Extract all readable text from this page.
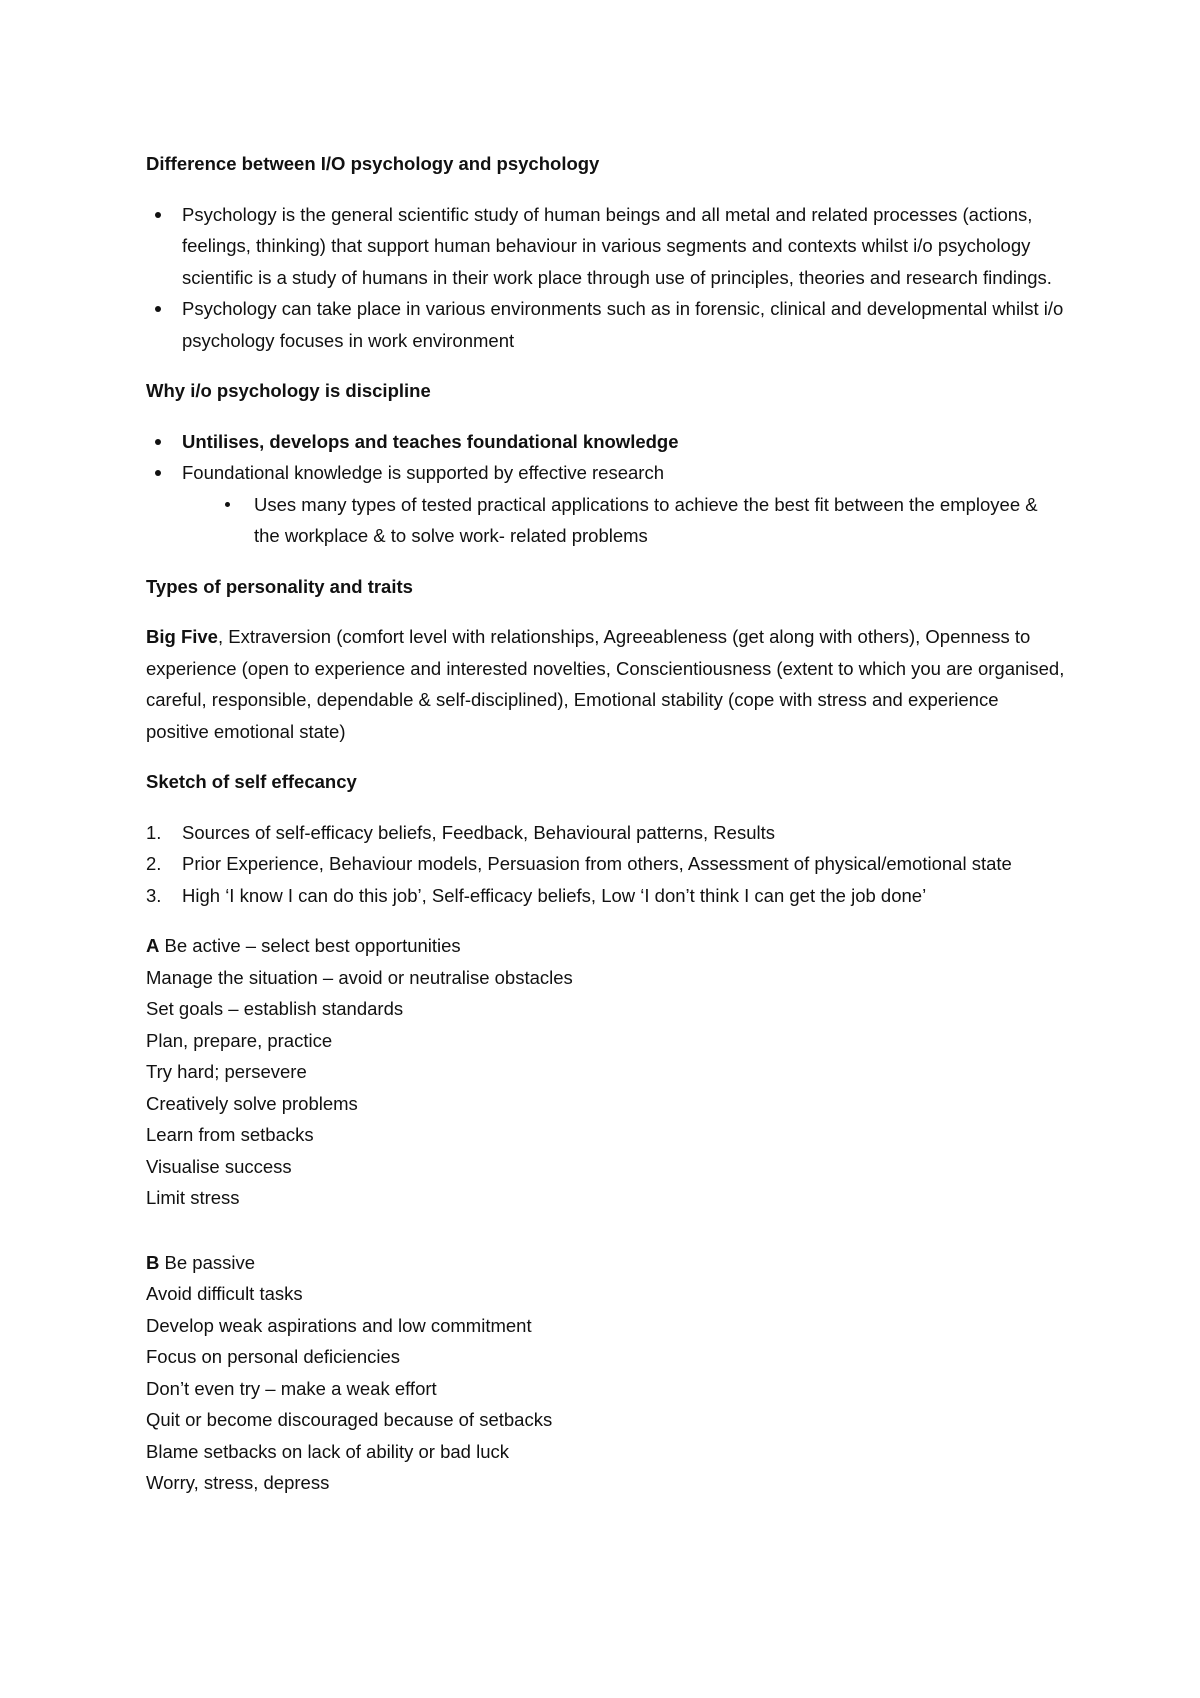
Difference between I/O psychology and psychology

Psychology is the general scientific study of human beings and all metal and related processes (actions, feelings, thinking) that support human behaviour in various segments and contexts whilst i/o psychology scientific is a study of humans in their work place through use of principles, theories and research findings.
Psychology can take place in various environments such as in forensic, clinical and developmental whilst i/o psychology focuses in work environment

Why i/o psychology is discipline

Untilises, develops and teaches foundational knowledge
Foundational knowledge is supported by effective research
Uses many types of tested practical applications to achieve the best fit between the employee & the workplace & to solve work- related problems

Types of personality and traits

Big Five, Extraversion (comfort level with relationships, Agreeableness (get along with others), Openness to experience (open to experience and interested novelties, Conscientiousness (extent to which you are organised, careful, responsible, dependable & self-disciplined), Emotional stability (cope with stress and experience positive emotional state)

Sketch of self effecancy

1. Sources of self-efficacy beliefs, Feedback, Behavioural patterns, Results
2. Prior Experience, Behaviour models, Persuasion from others, Assessment of physical/emotional state
3. High ‘I know I can do this job’, Self-efficacy beliefs, Low ‘I don’t think I can get the job done’

A Be active – select best opportunities

Manage the situation – avoid or neutralise obstacles

Set goals – establish standards

Plan, prepare, practice

Try hard; persevere

Creatively solve problems

Learn from setbacks

Visualise success

Limit stress

B Be passive

Avoid difficult tasks

Develop weak aspirations and low commitment

Focus on personal deficiencies

Don’t even try – make a weak effort

Quit or become discouraged because of setbacks

Blame setbacks on lack of ability or bad luck

Worry, stress, depress
